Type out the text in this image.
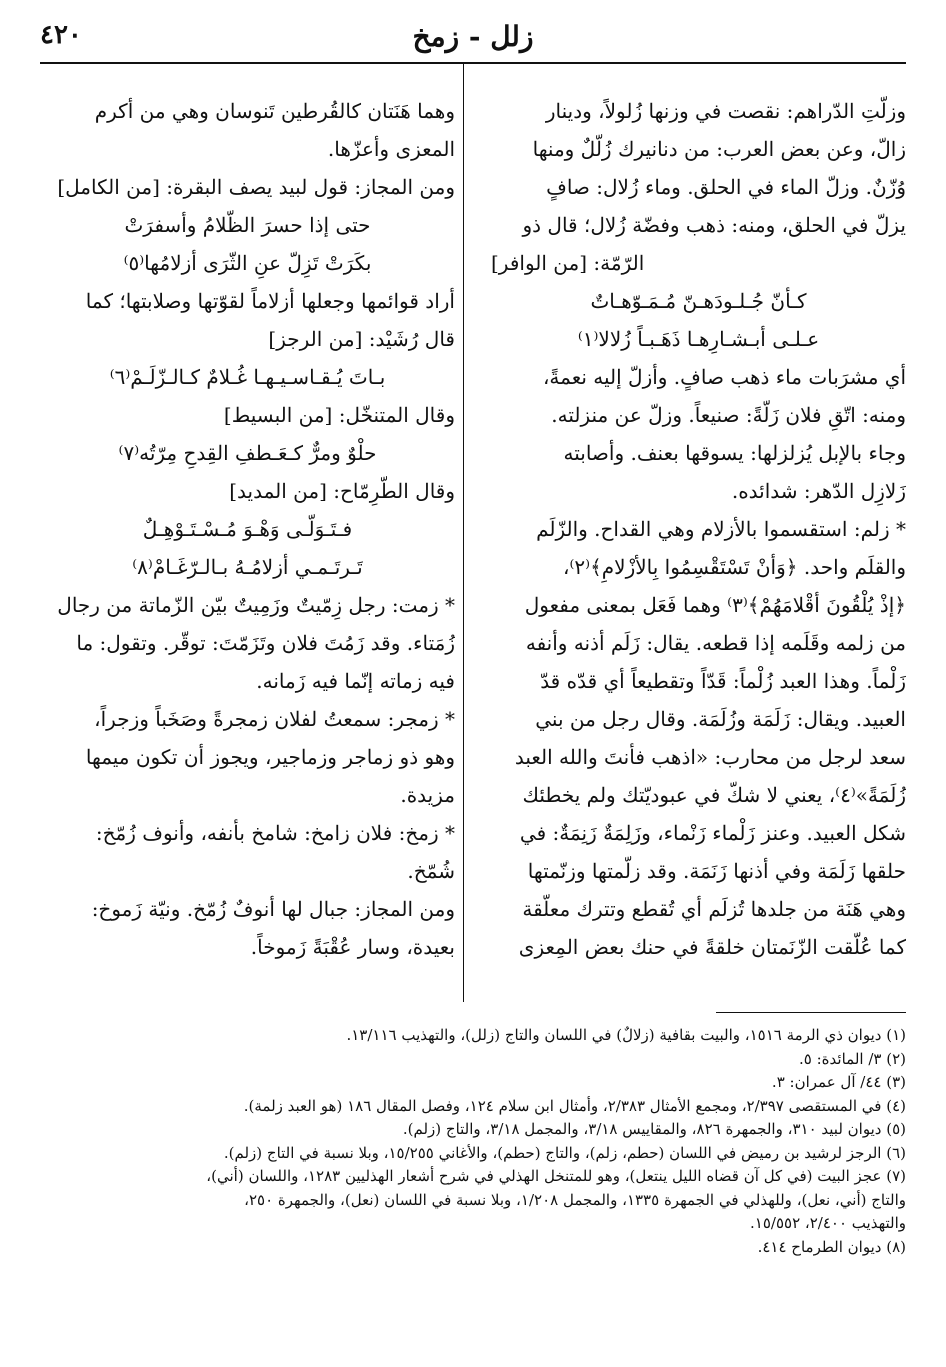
٤٢٠	زلل - زمخ

وزلّتِ الدّراهم: نقصت في وزنها زُلولاً، ودينار

زالّ، وعن بعض العرب: من دنانيرك زُلّلٌ ومنها

وُزّنٌ. وزلّ الماء في الحلق. وماء زُلال: صافٍ

يزلّ في الحلق، ومنه: ذهب وفضّة زُلال؛ قال ذو

الرّمّة: [من الوافر]

كـأنّ جُـلـودَهـنّ مُـمَـوّهـاتٌ

عـلـى أبـشـارِهـا ذَهَـبـاً زُلالا⁽١⁾

أي مشرَبات ماء ذهب صافٍ. وأزلّ إليه نعمةً،

ومنه: اتّقِ فلان زَلّةً: صنيعاً. وزلّ عن منزلته.

وجاء بالإبل يُزلزلها: يسوقها بعنف. وأصابته

زَلازِل الدّهر: شدائده.

* زلم: استقسموا بالأزلام وهي القداح. والزّلَم

والقلَم واحد. ﴿وَأنْ تَسْتَقْسِمُوا بِالأزْلامِ﴾⁽٢⁾،

﴿إذْ يُلْقُونَ أقْلامَهُمْ﴾⁽٣⁾ وهما فَعَل بمعنى مفعول

من زلمه وقَلَمه إذا قطعه. يقال: زَلَم أذنه وأنفه

زَلْماً. وهذا العبد زُلْماً: قَدّاً وتقطيعاً أي قدّه قدّ

العبيد. ويقال: زَلَمَة وزُلَمَة. وقال رجل من بني

سعد لرجل من محارب: «اذهب فأنتَ والله العبد

زُلَمَةً»⁽٤⁾، يعني لا شكّ في عبوديّتك ولم يخطئك

شكل العبيد. وعنز زَلْماء زَنْماء، وزَلِمَةٌ زَنِمَةٌ: في

حلقها زَلَمَة وفي أذنها زَنَمَة. وقد زلّمتها وزنّمتها

وهي هَنَة من جلدها تُزلَم أي تُقطع وتترك معلّقة

كما عُلّقت الزّنَمتان خلقةً في حنك بعض المِعزى

وهما هَنَتان كالقُرطين تَنوسان وهي من أكرم

المعزى وأعزّها.

ومن المجاز: قول لبيد يصف البقرة: [من الكامل]

حتى إذا حسرَ الظّلامُ وأسفرَتْ

بكَرَتْ تَزِلّ عنِ الثّرَى أزلامُها⁽٥⁾

أراد قوائمها وجعلها أزلاماً لقوّتها وصلابتها؛ كما

قال رُشَيْد: [من الرجز]

بـاتَ يُـقـاسـيـهـا غُـلامٌ كـالـزّلَـمْ⁽٦⁾

وقال المتنخّل: [من البسيط]

حلْوٌ ومرٌّ كـعَـطفِ القِدحِ مِرّتُه⁽٧⁾

وقال الطّرِمّاح: [من المديد]

فـتَـوَلّـى وَهْـوَ مُـسْـتَـوْهِـلٌ

تَـرتَـمـي أزلامُـهُ بـالـرّغَـامْ⁽٨⁾

* زمت: رجل زِمّيتٌ وزَمِيتٌ بيّن الزّماتة من رجال

زُمَتاء. وقد زَمُتَ فلان وتَزَمّتَ: توقّر. وتقول: ما

فيه زماته إنّما فيه زَمانه.

* زمجر: سمعتُ لفلان زمجرةً وصَخَباً وزجراً،

وهو ذو زماجر وزماجير، ويجوز أن تكون ميمها

مزيدة.

* زمخ: فلان زامخ: شامخ بأنفه، وأنوف زُمّخ:

شُمّخ.

ومن المجاز: جبال لها أنوفٌ زُمّخ. ونيّة زَموخ:

بعيدة، وسار عُقْبَةً زَموخاً.

(١) ديوان ذي الرمة ١٥١٦، والبيت بقافية (زلالٌ) في اللسان والتاج (زلل)، والتهذيب ١٣/١١٦.

(٢) ٣/ المائدة: ٥.

(٣) ٤٤/ آل عمران: ٣.

(٤) في المستقصى ٢/٣٩٧، ومجمع الأمثال ٢/٣٨٣، وأمثال ابن سلام ١٢٤، وفصل المقال ١٨٦ (هو العبد زلمة).

(٥) ديوان لبيد ٣١٠، والجمهرة ٨٢٦، والمقاييس ٣/١٨، والمجمل ٣/١٨، والتاج (زلم).

(٦) الرجز لرشيد بن رميض في اللسان (حطم، زلم)، والتاج (حطم)، والأغاني ١٥/٢٥٥، وبلا نسبة في التاج (زلم).

(٧) عجز البيت (في كل آن قضاه الليل ينتعل)، وهو للمتنخل الهذلي في شرح أشعار الهذليين ١٢٨٣، واللسان (أني)،

والتاج (أني، نعل)، وللهذلي في الجمهرة ١٣٣٥، والمجمل ١/٢٠٨، وبلا نسبة في اللسان (نعل)، والجمهرة ٢٥٠،

والتهذيب ٢/٤٠٠، ١٥/٥٥٢.

(٨) ديوان الطرماح ٤١٤.
